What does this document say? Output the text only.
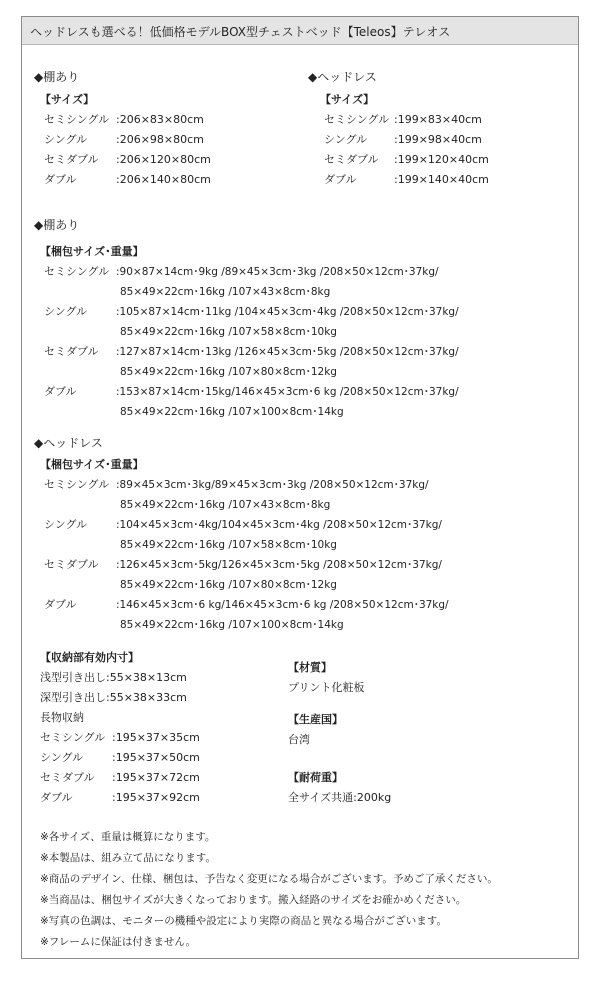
ヘッドレスも選べる！低価格モデルBOX型チェストベッド【Teleos】テレオス
◆棚あり
【サイズ】
セミシングル :206×83×80cm
シングル	:206×98×80cm
セミダブル :206×120×80cm
ダブル	:206×140×80cm
◆ヘッドレス
【サイズ】
セミシングル :199×83×40cm
シングル :199×98×40cm
セミダブル :199×120×40cm
ダブル	:199×140×40cm
◆棚あり
【梱包サイズ･重量】
セミシングル :90×87×14cm･9kg /89×45×3cm･3kg /208×50×12cm･37kg/
85×49×22cm･16kg /107×43×8cm･8kg
シングル	:105×87×14cm･11kg /104×45×3cm･4kg /208×50×12cm･37kg/
85×49×22cm･16kg /107×58×8cm･10kg
セミダブル :127×87×14cm･13kg /126×45×3cm･5kg /208×50×12cm･37kg/
85×49×22cm･16kg /107×80×8cm･12kg
ダブル	:153×87×14cm･15kg/146×45×3cm･6 kg /208×50×12cm･37kg/
85×49×22cm･16kg /107×100×8cm･14kg
◆ヘッドレス
【梱包サイズ･重量】
セミシングル :89×45×3cm･3kg/89×45×3cm･3kg /208×50×12cm･37kg/
85×49×22cm･16kg /107×43×8cm･8kg
シングル	:104×45×3cm･4kg/104×45×3cm･4kg /208×50×12cm･37kg/
85×49×22cm･16kg /107×58×8cm･10kg
セミダブル :126×45×3cm･5kg/126×45×3cm･5kg /208×50×12cm･37kg/
85×49×22cm･16kg /107×80×8cm･12kg
ダブル	:146×45×3cm･6 kg/146×45×3cm･6 kg /208×50×12cm･37kg/
85×49×22cm･16kg /107×100×8cm･14kg
【収納部有効内寸】
浅型引き出し:55×38×13cm
深型引き出し:55×38×33cm
長物収納
セミシングル :195×37×35cm
シングル	:195×37×50cm
セミダブル :195×37×72cm
ダブル	:195×37×92cm
【材質】
プリント化粧板
【生産国】
台湾
【耐荷重】
全サイズ共通:200kg
※各サイズ、重量は概算になります。
※本製品は、組み立て品になります。
※商品のデザイン、仕様、梱包は、予告なく変更になる場合がございます。予めご了承ください。
※当商品は、梱包サイズが大きくなっております。搬入経路のサイズをお確かめください。
※写真の色調は、モニターの機種や設定により実際の商品と異なる場合がございます。
※フレームに保証は付きません。
